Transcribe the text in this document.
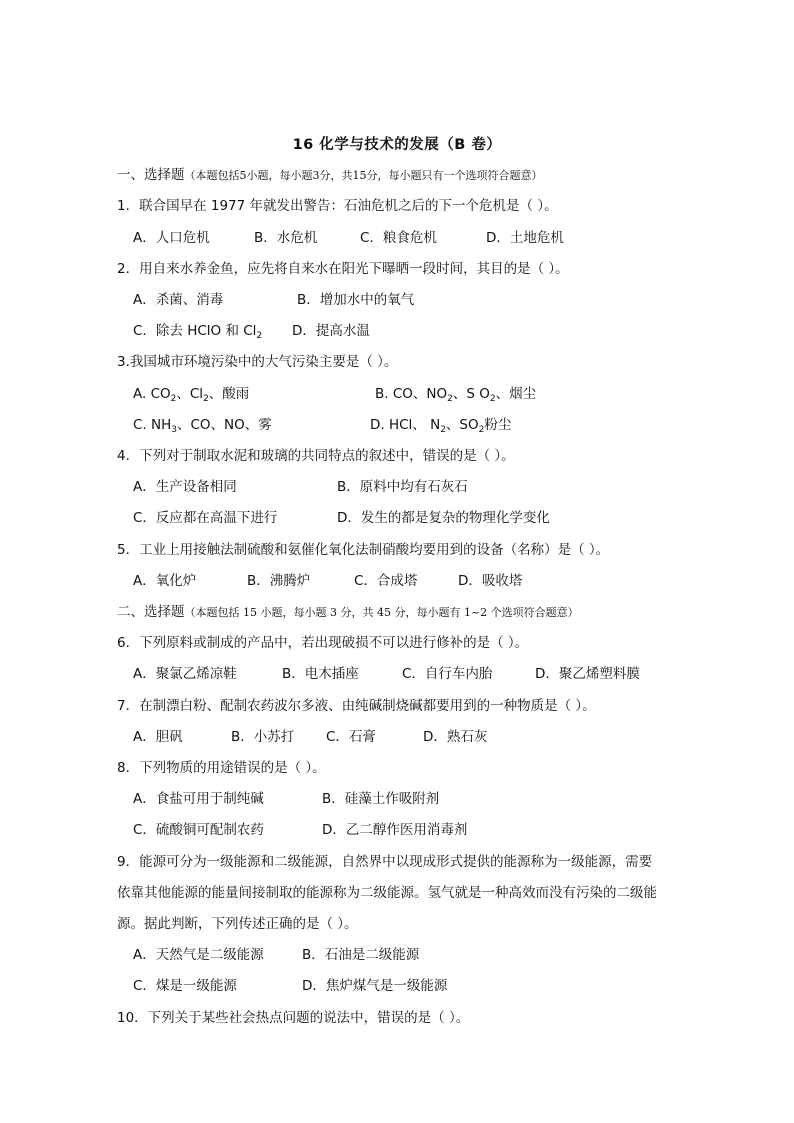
16 化学与技术的发展（B 卷）
一、选择题（本题包括5小题，每小题3分，共15分，每小题只有一个选项符合题意）
1．联合国早在 1977 年就发出警告：石油危机之后的下一个危机是（ ）。
A．人口危机	B．水危机	C．粮食危机	D．土地危机
2．用自来水养金鱼，应先将自来水在阳光下曝晒一段时间，其目的是（ ）。
A．杀菌、消毒	B．增加水中的氧气
C．除去 HClO 和 $Cl_2$ D．提高水温
3.我国城市环境污染中的大气污染主要是（ ）。
A. $CO_2$、$Cl_2$、酸雨	B. CO、$NO_2$、S $O_2$、烟尘
C. $NH_3$、CO、NO、雾	D. HCl、 $N_2$、$SO_2$粉尘
4．下列对于制取水泥和玻璃的共同特点的叙述中，错误的是（ ）。
A．生产设备相同	B．原料中均有石灰石
C．反应都在高温下进行	D．发生的都是复杂的物理化学变化
5．工业上用接触法制硫酸和氨催化氧化法制硝酸均要用到的设备（名称）是（ ）。
A．氧化炉	B．沸腾炉	C．合成塔	D．吸收塔
二、选择题（本题包括 15 小题，每小题 3 分，共 45 分，每小题有 1~2 个选项符合题意）
6．下列原料或制成的产品中，若出现破损不可以进行修补的是（ ）。
A．聚氯乙烯凉鞋	B．电木插座	C．自行车内胎	D．聚乙烯塑料膜
7．在制漂白粉、配制农药波尔多液、由纯碱制烧碱都要用到的一种物质是（ ）。
A．胆矾	B．小苏打 C．石膏	D．熟石灰
8．下列物质的用途错误的是（ ）。
A．食盐可用于制纯碱	B．硅藻土作吸附剂
C．硫酸铜可配制农药	D．乙二醇作医用消毒剂
9．能源可分为一级能源和二级能源，自然界中以现成形式提供的能源称为一级能源，需要
依靠其他能源的能量间接制取的能源称为二级能源。氢气就是一种高效而没有污染的二级能
源。据此判断，下列传述正确的是（ ）。
A．天然气是二级能源	B．石油是二级能源
C．煤是一级能源	D．焦炉煤气是一级能源
10．下列关于某些社会热点问题的说法中，错误的是（ ）。
